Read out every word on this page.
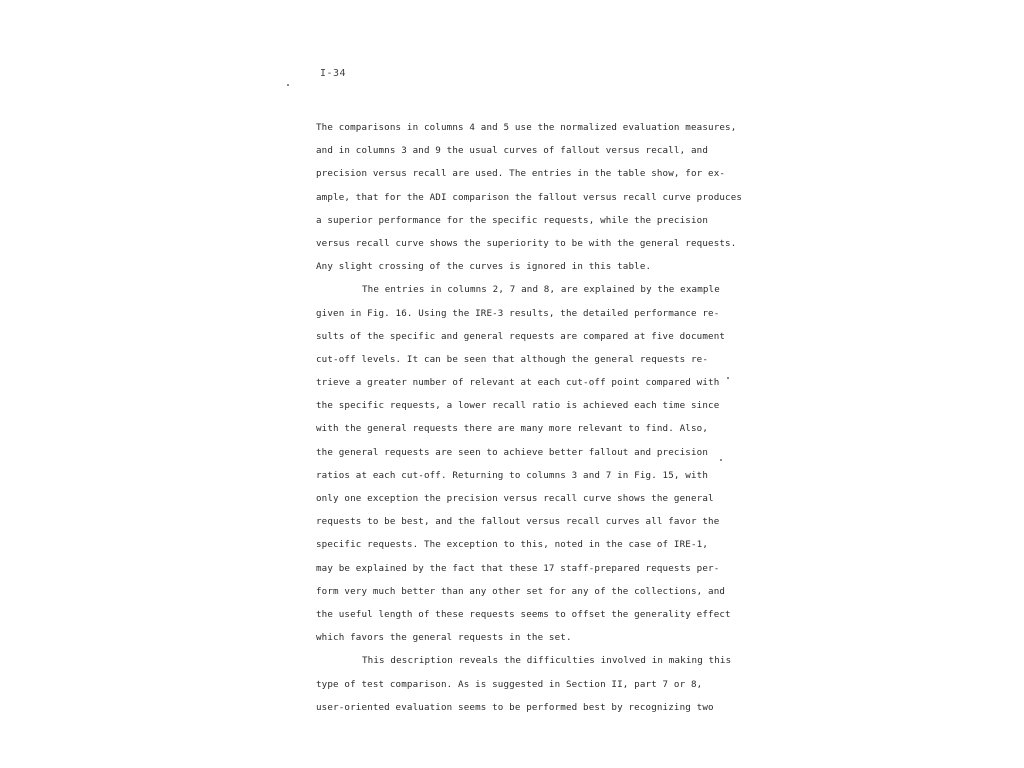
I-34
The comparisons in columns 4 and 5 use the normalized evaluation measures,
and in columns 3 and 9 the usual curves of fallout versus recall, and
precision versus recall are used. The entries in the table show, for ex-
ample, that for the ADI comparison the fallout versus recall curve produces
a superior performance for the specific requests, while the precision
versus recall curve shows the superiority to be with the general requests.
Any slight crossing of the curves is ignored in this table.
The entries in columns 2, 7 and 8, are explained by the example
given in Fig. 16. Using the IRE-3 results, the detailed performance re-
sults of the specific and general requests are compared at five document
cut-off levels. It can be seen that although the general requests re-
trieve a greater number of relevant at each cut-off point compared with
the specific requests, a lower recall ratio is achieved each time since
with the general requests there are many more relevant to find. Also,
the general requests are seen to achieve better fallout and precision
ratios at each cut-off. Returning to columns 3 and 7 in Fig. 15, with
only one exception the precision versus recall curve shows the general
requests to be best, and the fallout versus recall curves all favor the
specific requests. The exception to this, noted in the case of IRE-1,
may be explained by the fact that these 17 staff-prepared requests per-
form very much better than any other set for any of the collections, and
the useful length of these requests seems to offset the generality effect
which favors the general requests in the set.
This description reveals the difficulties involved in making this
type of test comparison. As is suggested in Section II, part 7 or 8,
user-oriented evaluation seems to be performed best by recognizing two
